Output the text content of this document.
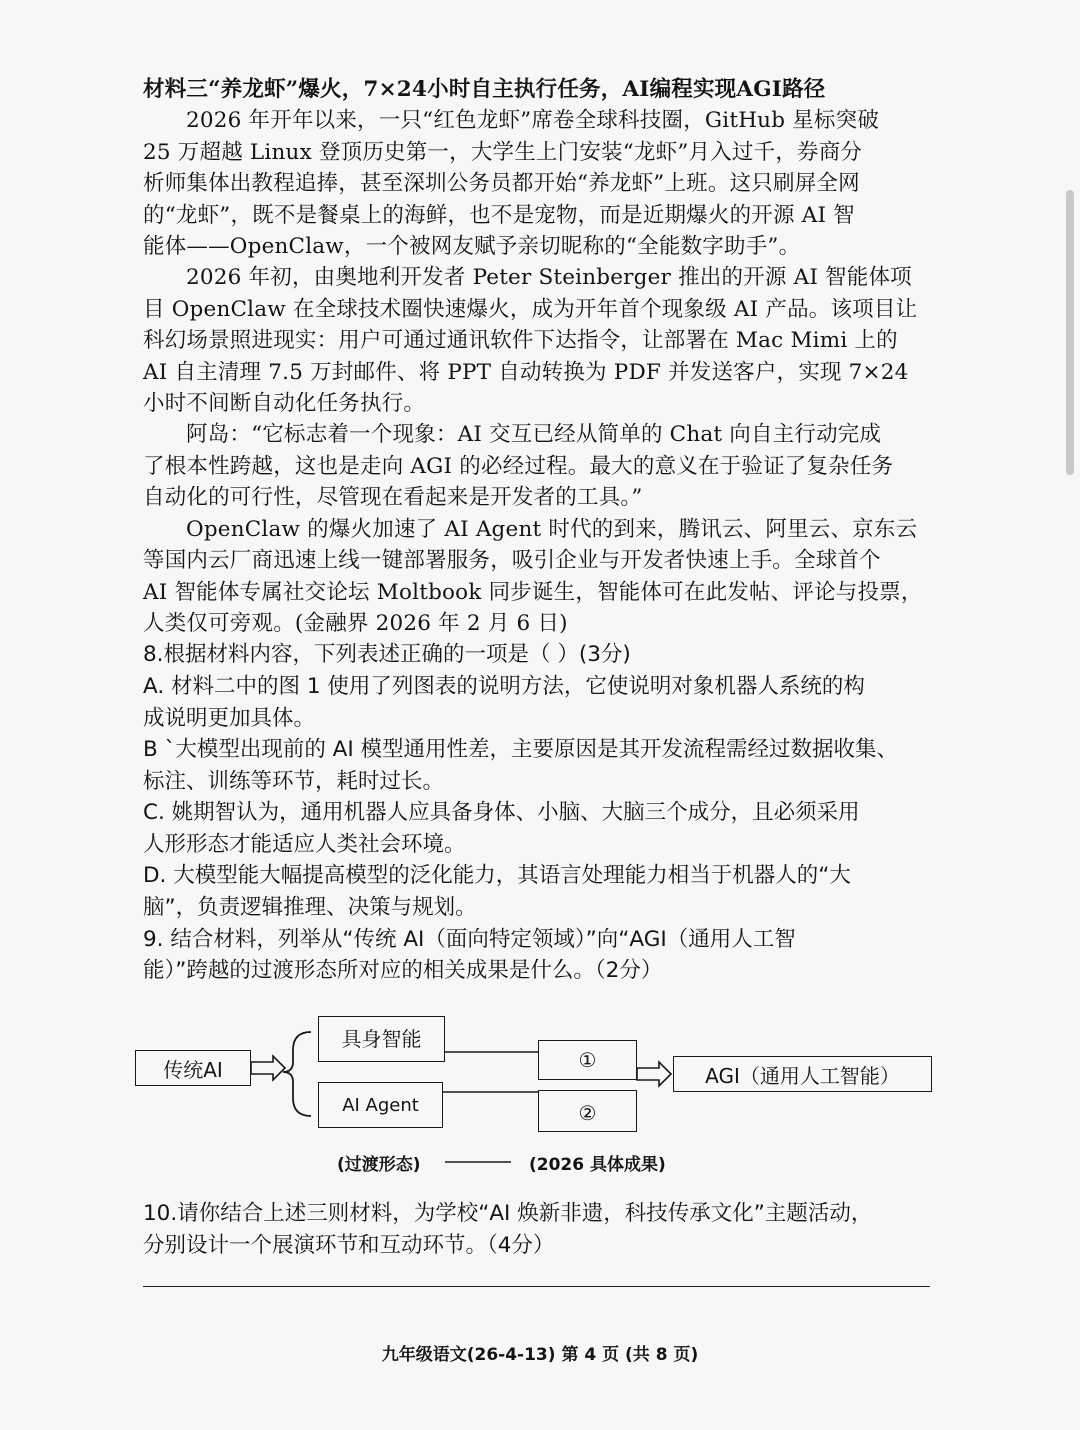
材料三“养龙虾”爆火，7×24小时自主执行任务，AI编程实现AGI路径
2026 年开年以来，一只“红色龙虾”席卷全球科技圈，GitHub 星标突破
25 万超越 Linux 登顶历史第一，大学生上门安装“龙虾”月入过千，券商分
析师集体出教程追捧，甚至深圳公务员都开始“养龙虾”上班。这只刷屏全网
的“龙虾”，既不是餐桌上的海鲜，也不是宠物，而是近期爆火的开源 AI 智
能体——OpenClaw，一个被网友赋予亲切昵称的“全能数字助手”。
2026 年初，由奥地利开发者 Peter Steinberger 推出的开源 AI 智能体项
目 OpenClaw 在全球技术圈快速爆火，成为开年首个现象级 AI 产品。该项目让
科幻场景照进现实：用户可通过通讯软件下达指令，让部署在 Mac Mimi 上的
AI 自主清理 7.5 万封邮件、将 PPT 自动转换为 PDF 并发送客户，实现 7×24
小时不间断自动化任务执行。
阿岛：“它标志着一个现象：AI 交互已经从简单的 Chat 向自主行动完成
了根本性跨越，这也是走向 AGI 的必经过程。最大的意义在于验证了复杂任务
自动化的可行性，尽管现在看起来是开发者的工具。”
OpenClaw 的爆火加速了 AI Agent 时代的到来，腾讯云、阿里云、京东云
等国内云厂商迅速上线一键部署服务，吸引企业与开发者快速上手。全球首个
AI 智能体专属社交论坛 Moltbook 同步诞生，智能体可在此发帖、评论与投票，
人类仅可旁观。(金融界 2026 年 2 月 6 日)
8.根据材料内容，下列表述正确的一项是（ ）(3分)
A. 材料二中的图 1 使用了列图表的说明方法，它使说明对象机器人系统的构
成说明更加具体。
B `大模型出现前的 AI 模型通用性差，主要原因是其开发流程需经过数据收集、
标注、训练等环节，耗时过长。
C. 姚期智认为，通用机器人应具备身体、小脑、大脑三个成分，且必须采用
人形形态才能适应人类社会环境。
D. 大模型能大幅提高模型的泛化能力，其语言处理能力相当于机器人的“大
脑”，负责逻辑推理、决策与规划。
9. 结合材料，列举从“传统 AI（面向特定领域）”向“AGI（通用人工智
能）”跨越的过渡形态所对应的相关成果是什么。（2分）
传统AI
具身智能
AI Agent
①
②
AGI（通用人工智能）
(过渡形态)	(2026 具体成果)
10.请你结合上述三则材料，为学校“AI 焕新非遗，科技传承文化”主题活动，
分别设计一个展演环节和互动环节。（4分）
九年级语文(26-4-13) 第 4 页 (共 8 页)
